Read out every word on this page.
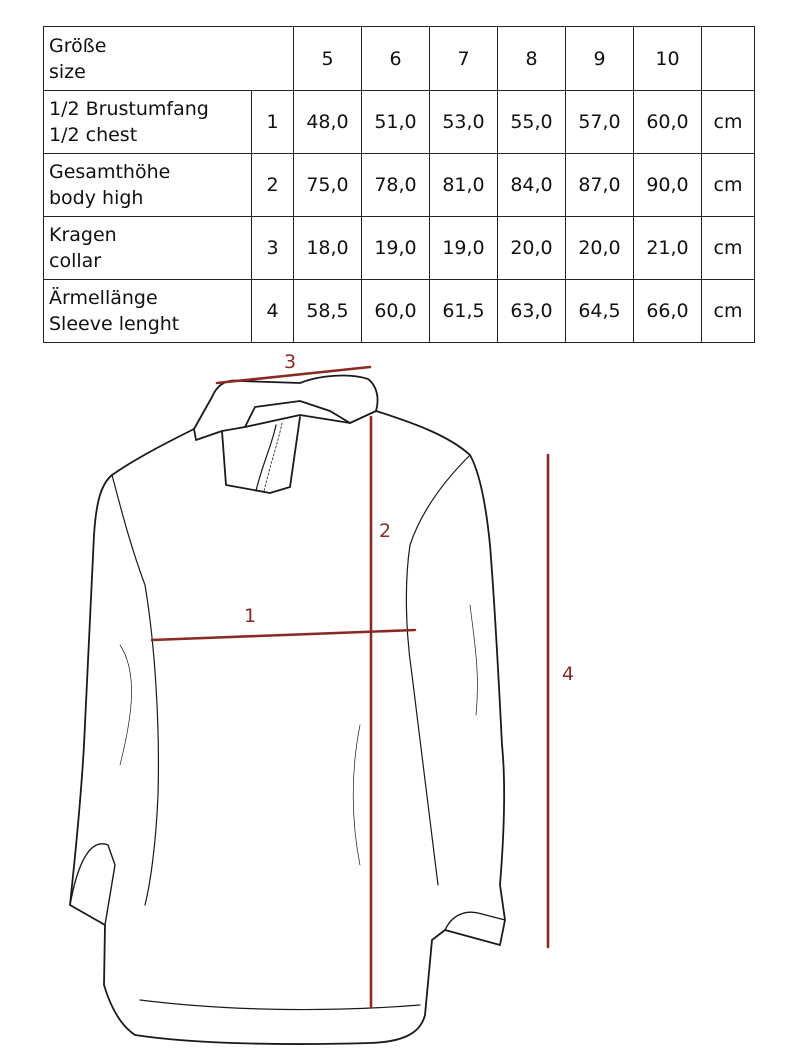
Größe
size		5	6	7	8	9	10	

1/2 Brustumfang
1/2 chest	1	48,0	51,0	53,0	55,0	57,0	60,0	cm

Gesamthöhe
body high	2	75,0	78,0	81,0	84,0	87,0	90,0	cm

Kragen
collar	3	18,0	19,0	19,0	20,0	20,0	21,0	cm

Ärmellänge
Sleeve lenght	4	58,5	60,0	61,5	63,0	64,5	66,0	cm
3
2
1
4
